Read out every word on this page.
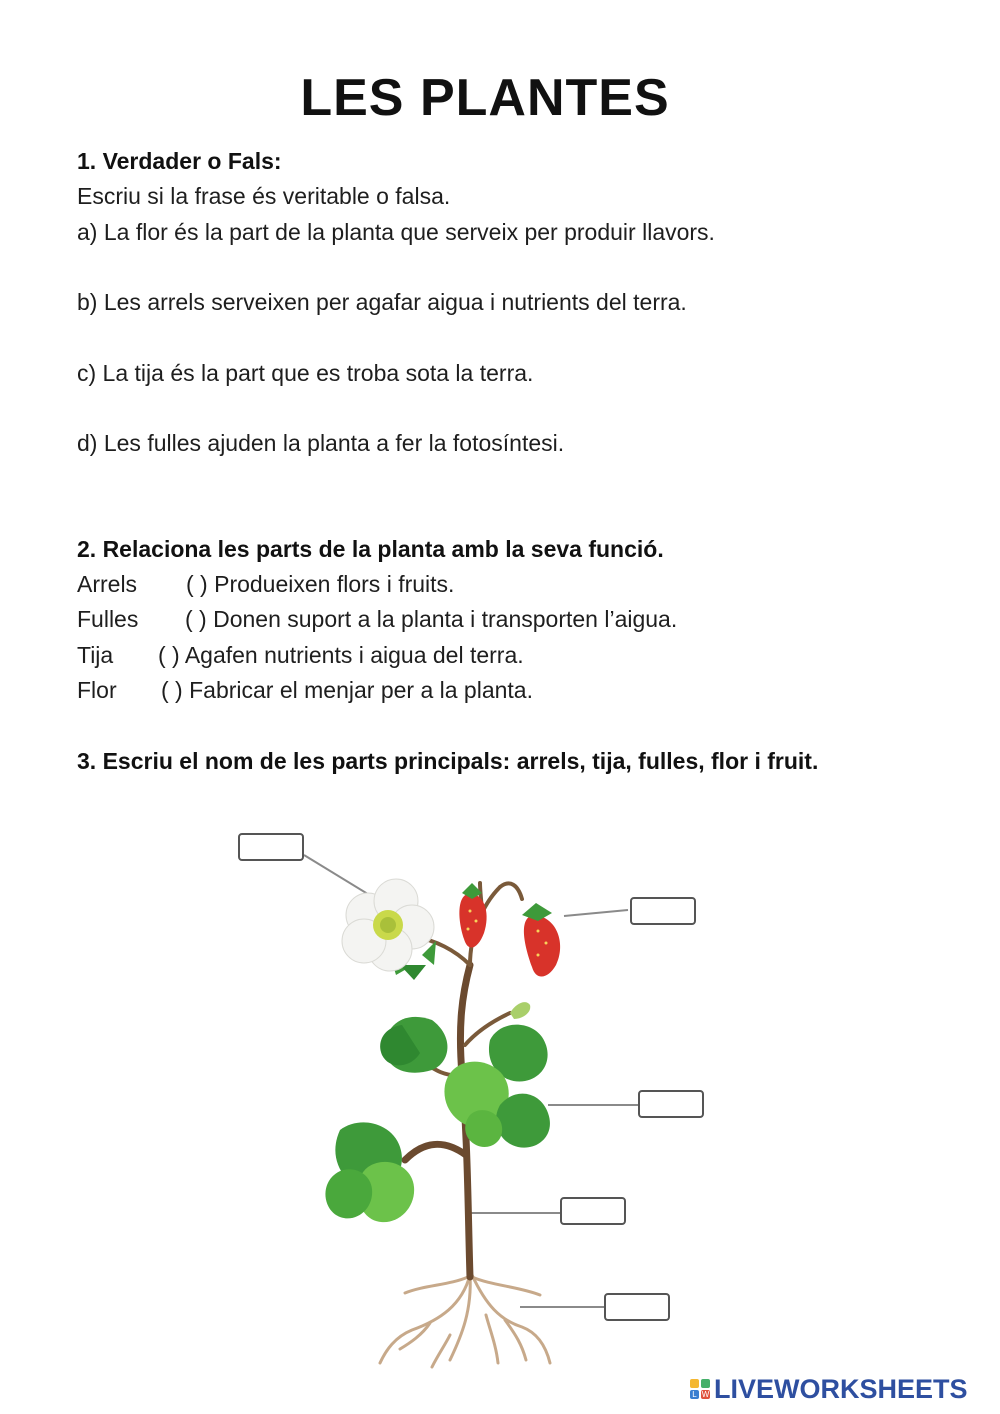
LES PLANTES
1. Verdader o Fals:
Escriu si la frase és veritable o falsa.
a) La flor és la part de la planta que serveix per produir llavors.
b) Les arrels serveixen per agafar aigua i nutrients del terra.
c) La tija és la part que es troba sota la terra.
d) Les fulles ajuden la planta a fer la fotosíntesi.
2. Relaciona les parts de la planta amb la seva funció.
Arrels ( ) Produeixen flors i fruits.
Fulles ( ) Donen suport a la planta i transporten l’aigua.
Tija ( ) Agafen nutrients i aigua del terra.
Flor ( ) Fabricar el menjar per a la planta.
3. Escriu el nom de les parts principals: arrels, tija, fulles, flor i fruit.
L W LIVEWORKSHEETS
